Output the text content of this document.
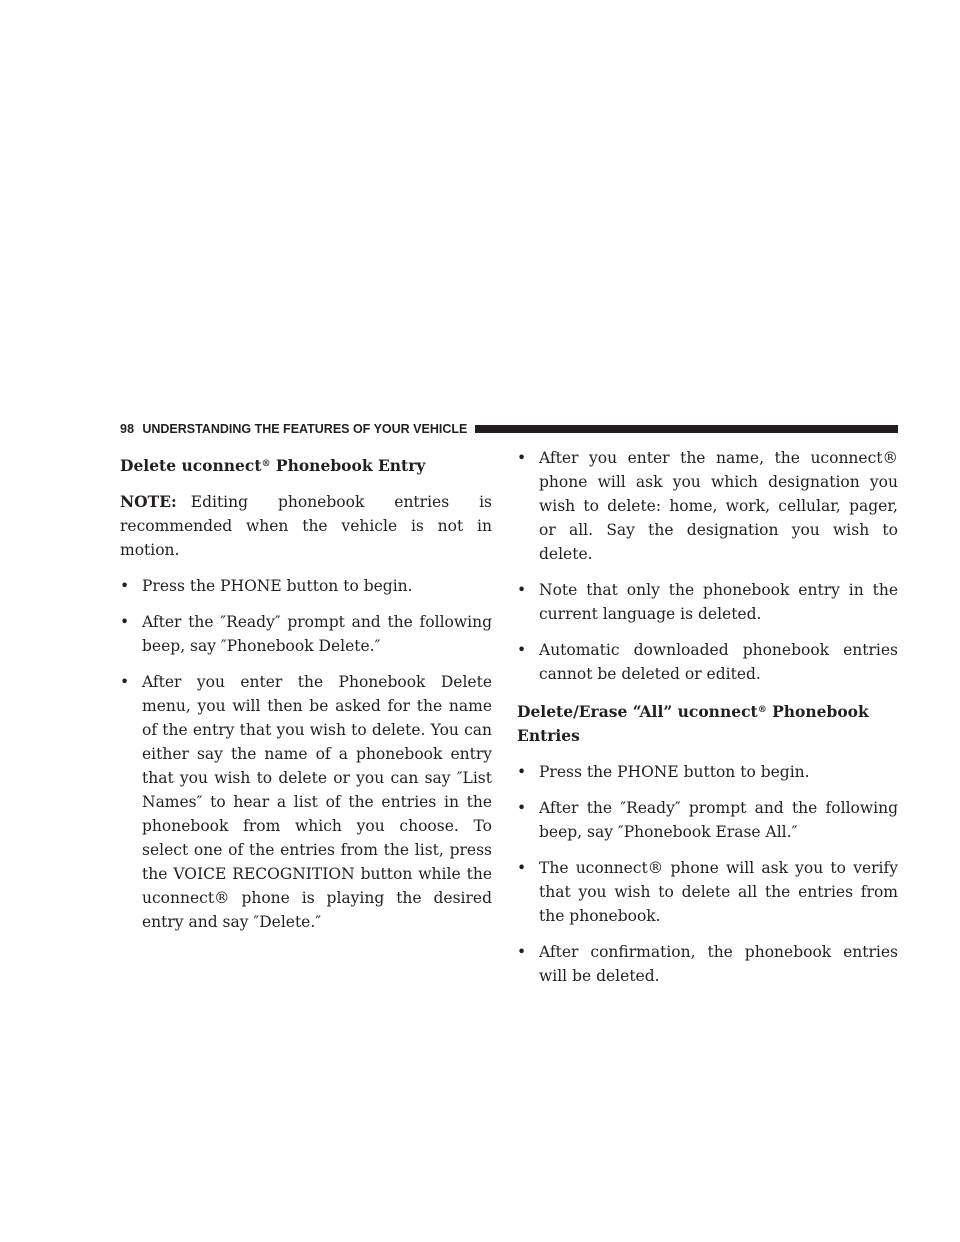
98 UNDERSTANDING THE FEATURES OF YOUR VEHICLE
Delete uconnect® Phonebook Entry

NOTE: Editing phonebook entries is recommended when the vehicle is not in motion.

• Press the PHONE button to begin.
• After the ″Ready″ prompt and the following beep, say ″Phonebook Delete.″
• After you enter the Phonebook Delete menu, you will then be asked for the name of the entry that you wish to delete. You can either say the name of a phonebook entry that you wish to delete or you can say ″List Names″ to hear a list of the entries in the phonebook from which you choose. To select one of the entries from the list, press the VOICE RECOGNITION button while the uconnect® phone is playing the desired entry and say ″Delete.″
• After you enter the name, the uconnect® phone will ask you which designation you wish to delete: home, work, cellular, pager, or all. Say the designation you wish to delete.
• Note that only the phonebook entry in the current language is deleted.
• Automatic downloaded phonebook entries cannot be deleted or edited.
Delete/Erase “All” uconnect® Phonebook Entries
• Press the PHONE button to begin.
• After the ″Ready″ prompt and the following beep, say ″Phonebook Erase All.″
• The uconnect® phone will ask you to verify that you wish to delete all the entries from the phonebook.
• After confirmation, the phonebook entries will be deleted.
